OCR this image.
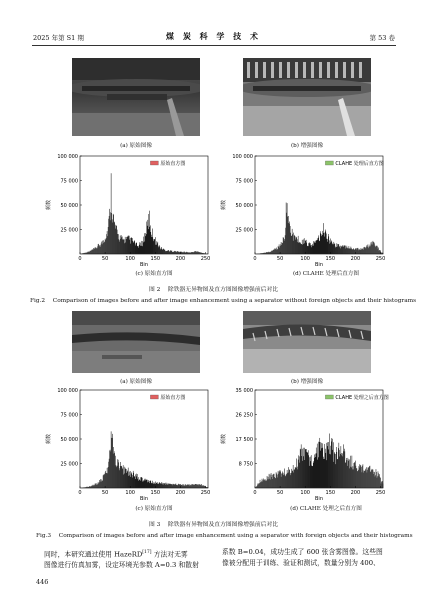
2025 年第 S1 期	煤 炭 科 学 技 术	第 53 卷
(a) 原始图像	(b) 增强图像
25 000
50 000
75 000
100 000
0	50	100	150	200	250
Bin
频数
原始直方图
25 000
50 000
75 000
100 000
0	50	100	150	200	250
Bin
频数
CLAHE 处理后直方图
(c) 原始直方图	(d) CLAHE 处理后直方图
图 2 　除铁器无异物图及直方图图像增强前后对比
Fig.2 　Comparison of images before and after image enhancement using a separator without foreign objects and their histograms
(a) 原始图像	(b) 增强图像
25 000
50 000
75 000
100 000
0	50	100	150	200	250
Bin
频数
原始直方图
8 750
17 500
26 250
35 000
0	50	100	150	200	250
Bin
频数
CLAHE 处理之后直方图
(c) 原始直方图	(d) CLAHE 处理之后直方图
图 3 　除铁器有异物图及直方图图像增强前后对比
Fig.3 　Comparison of images before and after image enhancement using a separator with foreign objects and their histograms
同时，本研究通过使用 HazeRD[17] 方法对无雾
图像进行仿真加雾，设定环境光参数 A=0.3 和散射
系数 B=0.04，成功生成了 600 张含雾图像。这些图
像被分配用于训练、验证和测试，数量分别为 400、
446
